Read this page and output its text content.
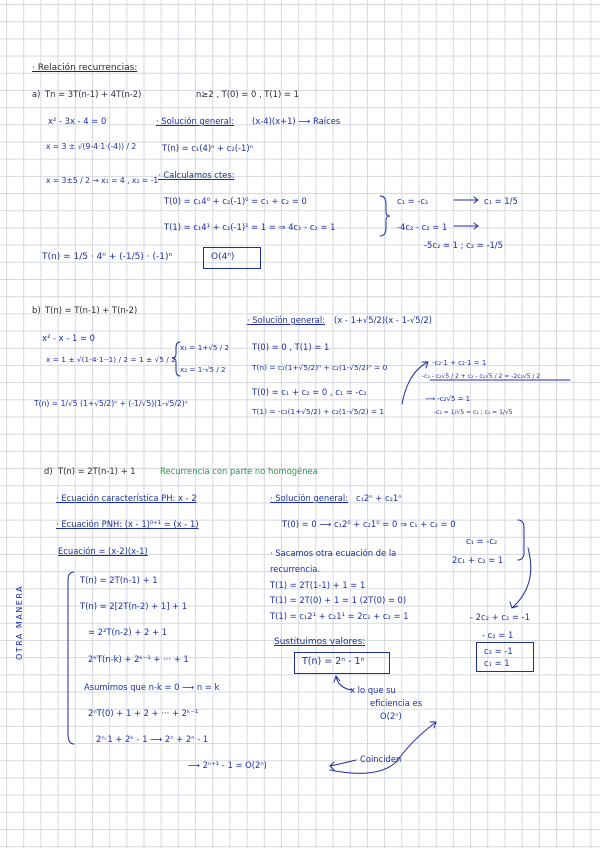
· Relación recurrencias:
a) Tn = 3T(n-1) + 4T(n-2)	n≥2 , T(0) = 0 , T(1) = 1
x² - 3x - 4 = 0
x = 3 ± √(9-4·1·(-4)) / 2
x = 3±5 / 2 → x₁ = 4 , x₂ = -1
· Solución general: (x-4)(x+1) ⟶ Raíces
T(n) = c₁(4)ⁿ + c₂(-1)ⁿ
· Calculamos ctes:
T(0) = c₁4⁰ + c₂(-1)⁰ = c₁ + c₂ = 0
T(1) = c₁4¹ + c₂(-1)¹ = 1 = ⇒ 4c₁ - c₂ = 1
c₁ = -c₂	c₁ = 1/5
-4c₂ - c₂ = 1
-5c₂ = 1 ; c₂ = -1/5
T(n) = 1/5 · 4ⁿ + (-1/5) · (-1)ⁿ	O(4ⁿ)
b) T(n) = T(n-1) + T(n-2)
· Solución general: (x - 1+√5/2)(x - 1-√5/2)
x² - x - 1 = 0
x = 1 ± √(1-4·1·-1) / 2 = 1 ± √5 / 2
x₁ = 1+√5 / 2
x₂ = 1-√5 / 2
T(0) = 0 , T(1) = 1
T(n) = c₁(1+√5/2)ⁿ + c₂(1-√5/2)ⁿ = 0
T(0) = c₁ + c₂ = 0 , c₁ = -c₂
T(1) = -c₂(1+√5/2) + c₂(1-√5/2) = 1
-c₂·1 + c₂·1 = 1
-c₂ - c₂√5 / 2 + c₂ - c₂√5 / 2 = -2c₂√5 / 2
⟶ -c₂√5 = 1
-c₂ = 1/√5 = c₁ ; c₁ = 1/√5
T(n) = 1/√5 (1+√5/2)ⁿ + (-1/√5)(1-√5/2)ⁿ
d) T(n) = 2T(n-1) + 1	Recurrencia con parte no homogénea
· Ecuación característica PH: x - 2
· Ecuación PNH: (x - 1)⁰⁺¹ = (x - 1)
Ecuación = (x-2)(x-1)
· Solución general: c₁2ⁿ + c₂1ⁿ
T(0) = 0 ⟶ c₁2⁰ + c₂1⁰ = 0 ⇒ c₁ + c₂ = 0
c₁ = -c₂
2c₁ + c₂ = 1
· Sacamos otra ecuación de la
recurrencia.
T(1) = 2T(1-1) + 1 = 1
T(1) = 2T(0) + 1 = 1 (2T(0) = 0)
T(1) = c₁2¹ + c₂1¹ = 2c₁ + c₂ = 1	- 2c₂ + c₂ = -1
- c₂ = 1
c₂ = -1
c₁ = 1
Sustituimos valores:
T(n) = 2ⁿ - 1ⁿ
x lo que su
eficiencia es
O(2ⁿ)
OTRA MANERA
T(n) = 2T(n-1) + 1
T(n) = 2[2T(n-2) + 1] + 1
= 2²T(n-2) + 2 + 1
2ᵏT(n-k) + 2ᵏ⁻¹ + ··· + 1
Asumimos que n-k = 0 ⟶ n = k
2ⁿT(0) + 1 + 2 + ··· + 2ᵏ⁻¹
2ⁿ·1 + 2ᵏ - 1 ⟶ 2ⁿ + 2ⁿ - 1
⟶ 2ⁿ⁺¹ - 1 = O(2ⁿ)
Coinciden
